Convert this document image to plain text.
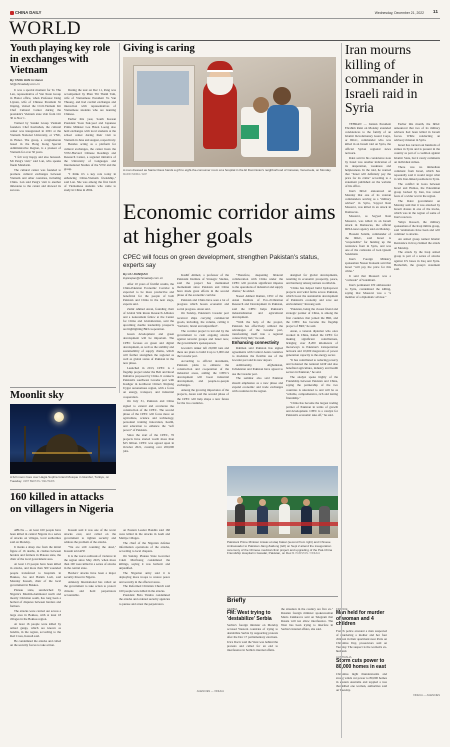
CHINA DAILY	Wednesday, December 21, 2022 11
WORLD
Youth playing key role in exchanges with Vietnam
By YANG HAN in Hanoi
hk@chinadaily.com.cn

It was a special moment for To Thu Lan, representative of Van Xuan Group in Hanoi office, when Professor Deng Liyuan, wife of Chinese President Xi Jinping, visited the CLD-Vietnam Kit Chef Cultural Center during the president's Vietnam state visit from Oct 30 to Nov 1.

Trained by Suzuki Group Vietnam founders Chef Korinshan, the cultural center was inaugurated in 2001 at the Vietnam National University, or VNU, in Hanoi. The group, a conglomerate based in the Hong Kong Special Administrative Region, is a pioneer of Vietnam for over 30 years.

"I felt very happy and also honored. Mr Peng's visit," said Lan, who speaks fluent Mandarin.

The cultural center was founded to promote cultural exchanges between Vietnam and other countries, including China. Lan said Peng's visit is another milestone to the center and showed its success.

During the tour on Dec 11, Peng was accompanied by Phan Thi Thanh Tam, wife of Vietnamese President Vo Van Thuong, and had cordial exchanges and interaction with representatives of Vietnamese students who are learning Chinese.

Earlier this year, South Korean President Yoon Suk-yeol and Japanese Prime Minister Lee Hsien Loong also held exchanges with local students at the school center during their visit to Vietnam in June and August, respectively.

Besides acting as a platform for cultural exchanges, the center hosts the VNU-Harvard Chinese Readings and Research Center, a regional initiative of the University of Languages and International Studies of the VNU and the group.

"I think it's a key role today in enhancing China-Vietnam friendship," said Lan. She was among the first batch of Vietnamese students who came to study in China in 2004.

Moonlit sky
A full moon rises over Hagia Sophia Grand Mosque in Istanbul, Turkiye, on Tuesday. UMIT BEKTAS / REUTERS
160 killed in attacks on villagers in Nigeria

ABUJA — At least 160 people have been killed in central Nigeria in a series of attacks on villages, local authorities said on Monday.

It marks a sharp rise from the initial figure of 16 deaths, in clashes between herders and farmers in Plateau state, the chair of the local government area.

At least 113 people have been killed in attacks, and more than 300 wounded people transferred to hospitals in Bokkos, Jos and Barkin Ladi, said Monday Kassah, chair of the local government in Bokkos.

Plateau state, sandwiched by Nigeria's Muslim-dominated north and mostly Christian south, has long been a hotbed of disputes between herders and farmers.

The attacks were carried out across a large area in Bokkos, with at least 18 villages in the Bokkos region.

At least 16 people were killed by armed gangs, which are known as bandits, in the region, according to the Red Cross, Kassah said.

He condemned the attacks and called on the security forces to take action.

Kassah said it was one of the worst attacks ever, and called on the government to tighten security and address the problem of the attacks.

"We are still counting the dead," Kassah told AFP.

It is the worst outbreak of violence in the region since May 2023, when more than 100 were killed in a series of attacks in the central state.

Herders' attacks have been a major security threat in Nigeria.

Amnesty International has called on the government to take action to protect citizens and hold perpetrators accountable.

on Eastern Leader Bandits said 160 were killed in the attacks in Gudi and Mainye villages.

The chief of the Nigerian defense information operations of the attacks, according to local chapters.

On Sunday, Plateau State Governor Caleb Mutfwang condemned the killings, saying it was barbaric and unjustified.

The Nigerian army said it is deploying more troops to restore peace and security in the affected areas.

The Reformed Christian Church said 160 people were killed in the attacks.

President Bola Tinubu condemned the attacks and ordered security agencies to pursue and arrest the perpetrators.

AGENCIES — XINHUA
Giving is caring
A man dressed as Santa Claus hands a gift to eight-the-consumer room at a hospital in the El Dominican's neighborhood of Caracas, Venezuela, on Monday. MARIO MORA / AFP
Economic corridor aims at higher goals
CPEC will focus on green development, strengthen Pakistan's status, experts say
By LIU JIANQIAO
liujianqiao@chinadaily.com.cn

After 10 years of fruitful results, the China-Pakistan Economic Corridor is expected to be more productive and beneficial for the people of both Pakistan and China in the next stage, experts said.

Zamir Ahmed Awan, founding chair of Global Silk Route Research Alliance and a nonresident fellow at the Center for China and Globalization, said the upcoming double leadership prospects are highlighting BRI cooperation.

Green development and green development will be important. The CPEC focuses on green and digital development, as well as the stability and sustainability of supply chains, which will further strengthen the regional as well as global status of Pakistan in the new phase.

Launched in 2013, CPEC is a flagship project under the Belt and Road Initiative proposed by China. It connects Pakistan's southwest Gwadar port with Kashgar in northwest China's Xinjiang Uygur autonomous region, with a focus on energy, transport, and industrial cooperation.

On July 31, Pakistan and China signed to extend and accelerate the construction of the CPEC. The second phase of the CPEC will focus more on agriculture, science and technology, personnel training innovation, health, and education to enhance the "soft power" of Pakistan.

Since the start of the CPEC, 76 projects have started worth more than $25 billion. CPEC was agreed upon in October 2021, creating over 200,000 jobs.

Kashif Ahmed, a professor of the Pakistani Institute of Strategic Studies, said the project has maintained momentum since Pakistan and China have made great efforts in the second phase of the economic corridor.

Pakistan and China have seen a lot of progress which boosts economic and social progress. Awan said.

On Sunday, Pakistan's Gwadar port received ships carrying commercial goods, including, the volume, calling it "barbaric, brutal and unjustified".

The corridor project is led and by the government to cash ongoing attacks against terrorist groups and Israel now, the government's spokesperson.

Gwadar's tanker left 20,000 tons and there are plans to build it up to 5,000 and the Gwadar port.

According to official documents, Pakistan plans to enhance the construction and cooperation of the industrial areas, adding the CPEC's development will boost industrial development, and people-to-people exchanges.

Among the growing importance of the projects, Awan said the second phase of the CPEC will help shape a new future for the two countries.

"Therefore, deepening bilateral collaboration with China under the CPEC will provide significant impetus to the operations of industrial and supply chains," he added.

Naeed Ahmed Raman, CEO of the Asian Institute of Eco-civilization Research and Development in Pakistan, said the CPEC helps Pakistan's industrialization and agricultural development.

"With the help of the project, Pakistan has effectively utilized the advantages of the Gwadar port, transforming itself into a regional connectivity hub," he said.

Enhancing connectivity

Rahman said Pakistan has signed agreements with Central Asian countries to modulate the flexible use of the Gwadar port and its new airport.

Additionally, Afghanistan, Uzbekistan and Pakistan have agreed to use the Gwadar port.

The seminar also said Pakistan should emphasize as a new phase and expand economic and trade exchanges with countries in the region.

designed for global developments, resulting in economic prosperity, peace, and harmony among nations worldwide.

"China has helped build hydropower projects and wind farms across Pakistan, which boost the sustainable development of Pakistan's economy and save our environment," Rawang said.

"Pakistan, being the closest friend and strategic partner of China, is among the first countries that joined the BRI, and the CPEC has become the flagship project of BRI," he said.

Awan, a veteran diplomat who once worked in China, hailed the CPEC for making significant contributions, bringing over 8,200 kilometers of motorways to Pakistan's transportation network and 10,000 megawatts of power generation capacity to the energy sector.

"It has contributed to reducing poverty and bolstered the national GDP and also benefited agriculture, industry and health sectors in Pakistan," he said.

The analyst spoke highly of the Friendship between Pakistan and China, saying the partnership of the two countries is unrelated to and will be as "reliable, comprehensive, rich and lasting friendship."

"China has become the largest trading partner of Pakistan in terms of growth and development. CPEC is a catalyst for Pakistan's economic take off," he said.

Pakistani Prime Minister Anwar-ul-Haq Kakar (second from right) and Chinese Ambassador to Pakistan Jiang Zaidong (left) on Sept 2 attend the inauguration ceremony of the Chinese medical clinic project and upgrading of the Pak-China Friendship Hospital in Gwadar, Pakistan, on Dec 6. PAKISTAN / XINHUA
Briefly
SERBIA
FM: West trying to 'destabilize' Serbia
Serbia's foreign minister on Monday accused Western countries of trying to destabilize Serbia by supporting protests after the Dec 17 parliamentary elections. Ivica Dacic said the West was behind the protests and called for an end to interference in Serbia's internal affairs.
the situation in the country are five ex." Russian foreign minister spokeswoman Maria Zakharova said on Telegram that Russia will not allow interference. The West has been trying to interfere in Serbia's internal affairs, she said.
FRANCE
Man held for murder of woman and 4 children
French police arrested a man suspected of murdering a mother and her four children in their apartment near Paris on Christmas Day, prosecutors said on Tuesday. The suspect is the woman's ex-husband.
AUSTRALIA
Storm cuts power to 80,000 homes in east
Christmas night thunderstorms and strong winds cut power to 80,000 homes in eastern Australia and toppled a tree that killed one woman, authorities said on Tuesday.
Iran mourns killing of commander in Israeli raid in Syria

TEHRAN — Iranian President Ebrahim Raisi on Monday extended condolences to the family of an Islamic Revolutionary Guard Corps, or IRGC, commander who was killed in an Israeli raid on Syria, the official Syrian regional news network.

Raisi said in his condolence note by Israel was another indication of its desperation, weakness and helplessness. In the raid, he warned that "Israel will definitely pay the price for its crime" according to a statement published on the website of his office.

Iran's IRGC announced on Monday that one of its veteran commanders serving as a "military adviser" in Syria, Sayyed Razi Mousavi, was killed in an attack in Damascus.

Mousavi, as Sayyed Razi Mousavi, was killed in an Israeli attack in Damascus, the official IRNA news agency said on Monday.

Hossein Salami, commander of the IRGC, said Israel is "responsible" for hunting up the resistance front in Syria, and was one of the comrades of Gen Qasem Soleimani.

Iran's Foreign Ministry spokesman Nasser Kanaani said that Israel "will pay the price for this crime."

It said that Mousavi was a "comrade" of Soleimani.

Iran's permanent UN ambassador to Syria, condemned the killing, saying that Mousavi was a "a member of a diplomatic advisor."

Earlier this month, the IRGC announced that two of its military advisers had been killed in Israeli forces. While conducting an advisory mission in Syria.

Israel has carried out hundreds of strikes in Syria and is present in the country as part of a coalition against Islamic State, but it rarely comments on individual strikes.

There was no immediate comment from Israel, which has repeatedly said it would target what it calls Iran-linked positions in Syria.

The conflict in Gaza between Israel and Hamas, the Palestinian group backed by Iran, has raised fears of a wider war in the region.

The Raisi government on Monday said that it was attacked by Israeli drones in one of the trucks, which was in the region of some of Iran's reactors.

Yahya Rasooli, the military spokesman of the Iraqi militia group, said 'retaliations have been and will continue' to attacks.

An armed group named Islamic Resistance in Iraq claimed the attack on Monday.

The attack by the Iraqi armed group is part of a series of attacks against US bases in Iraq and Syria. Hezbollah, the group's statement said.

XINHUA — AGENCIES
